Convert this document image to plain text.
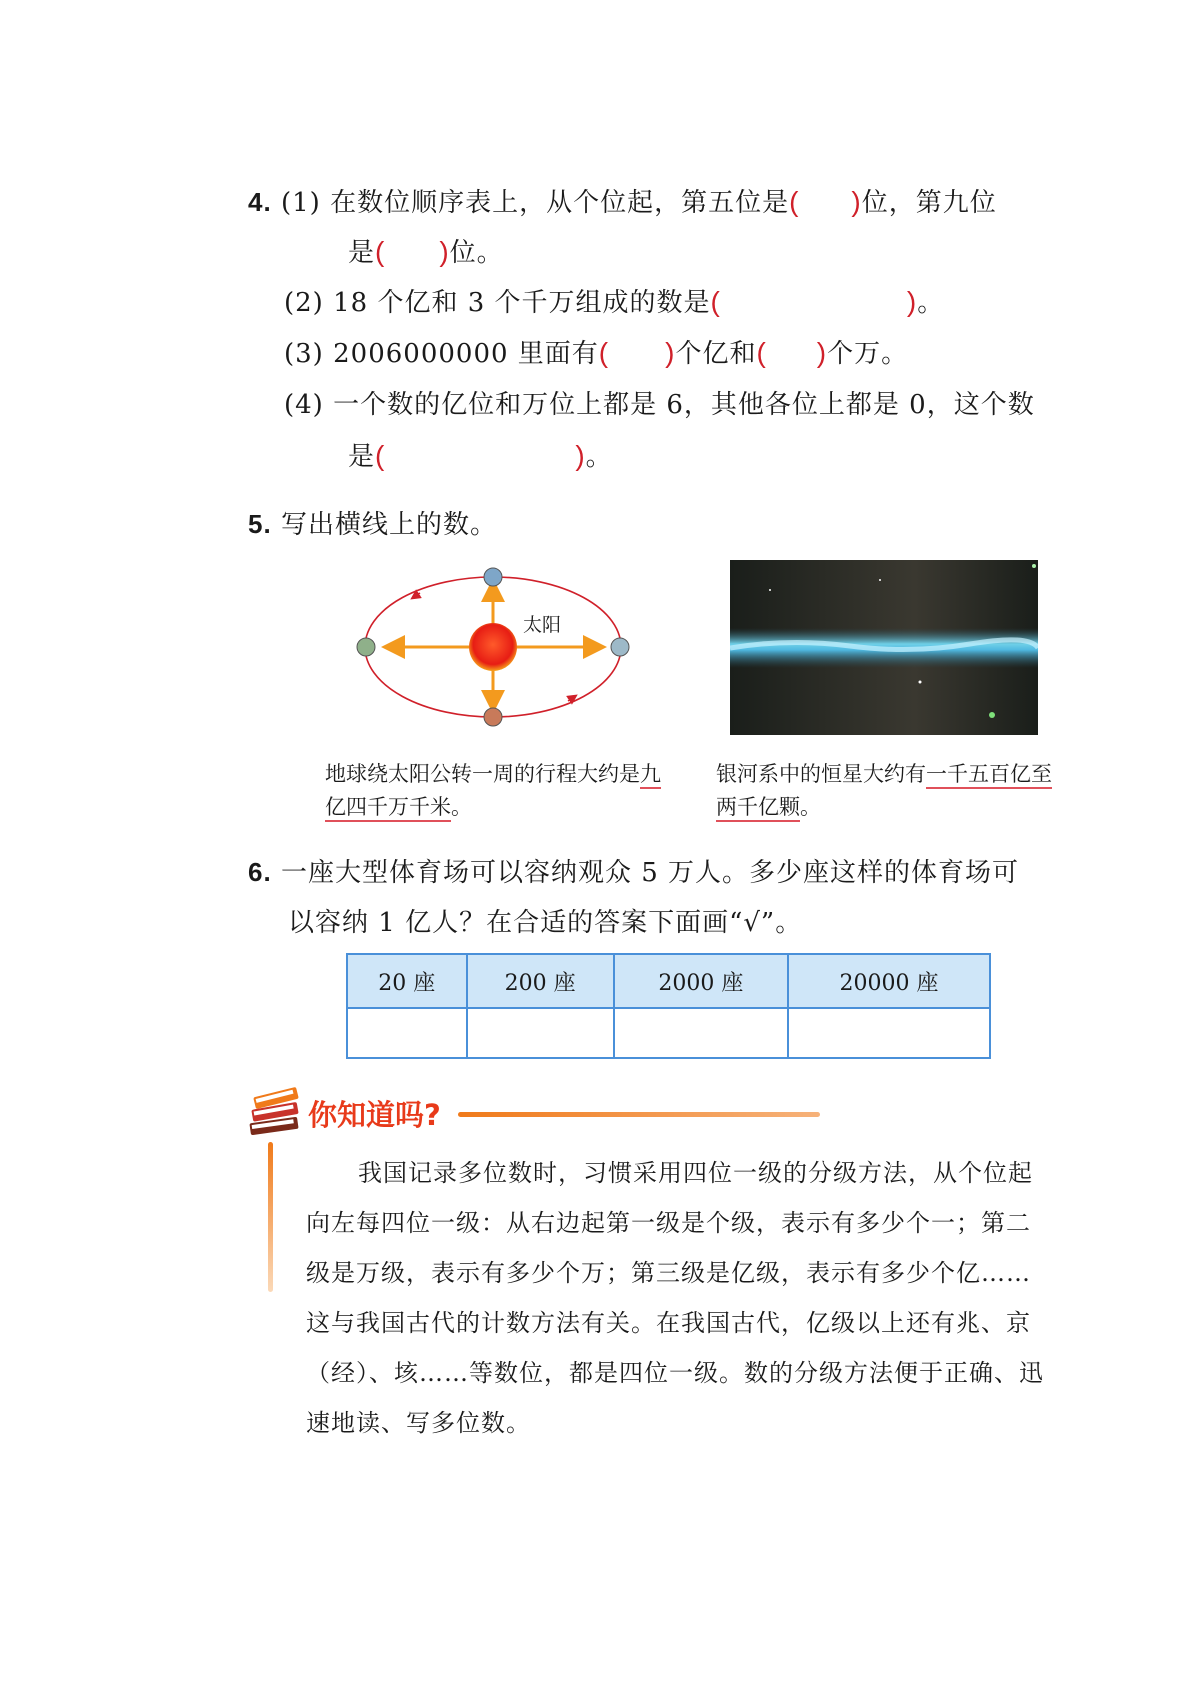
4. (1) 在数位顺序表上，从个位起，第五位是( )位，第九位
是( )位。
(2) 18 个亿和 3 个千万组成的数是(	)。
(3) 2006000000 里面有( )个亿和( )个万。
(4) 一个数的亿位和万位上都是 6，其他各位上都是 0，这个数
是(	)。
5. 写出横线上的数。
太阳
地球绕太阳公转一周的行程大约是九亿四千万千米。
银河系中的恒星大约有一千五百亿至两千亿颗。
6. 一座大型体育场可以容纳观众 5 万人。多少座这样的体育场可
以容纳 1 亿人？在合适的答案下面画“√”。
20 座	200 座	2000 座	20000 座

你知道吗?
我国记录多位数时，习惯采用四位一级的分级方法，从个位起向左每四位一级：从右边起第一级是个级，表示有多少个一；第二级是万级，表示有多少个万；第三级是亿级，表示有多少个亿……这与我国古代的计数方法有关。在我国古代，亿级以上还有兆、京（经）、垓……等数位，都是四位一级。数的分级方法便于正确、迅速地读、写多位数。
